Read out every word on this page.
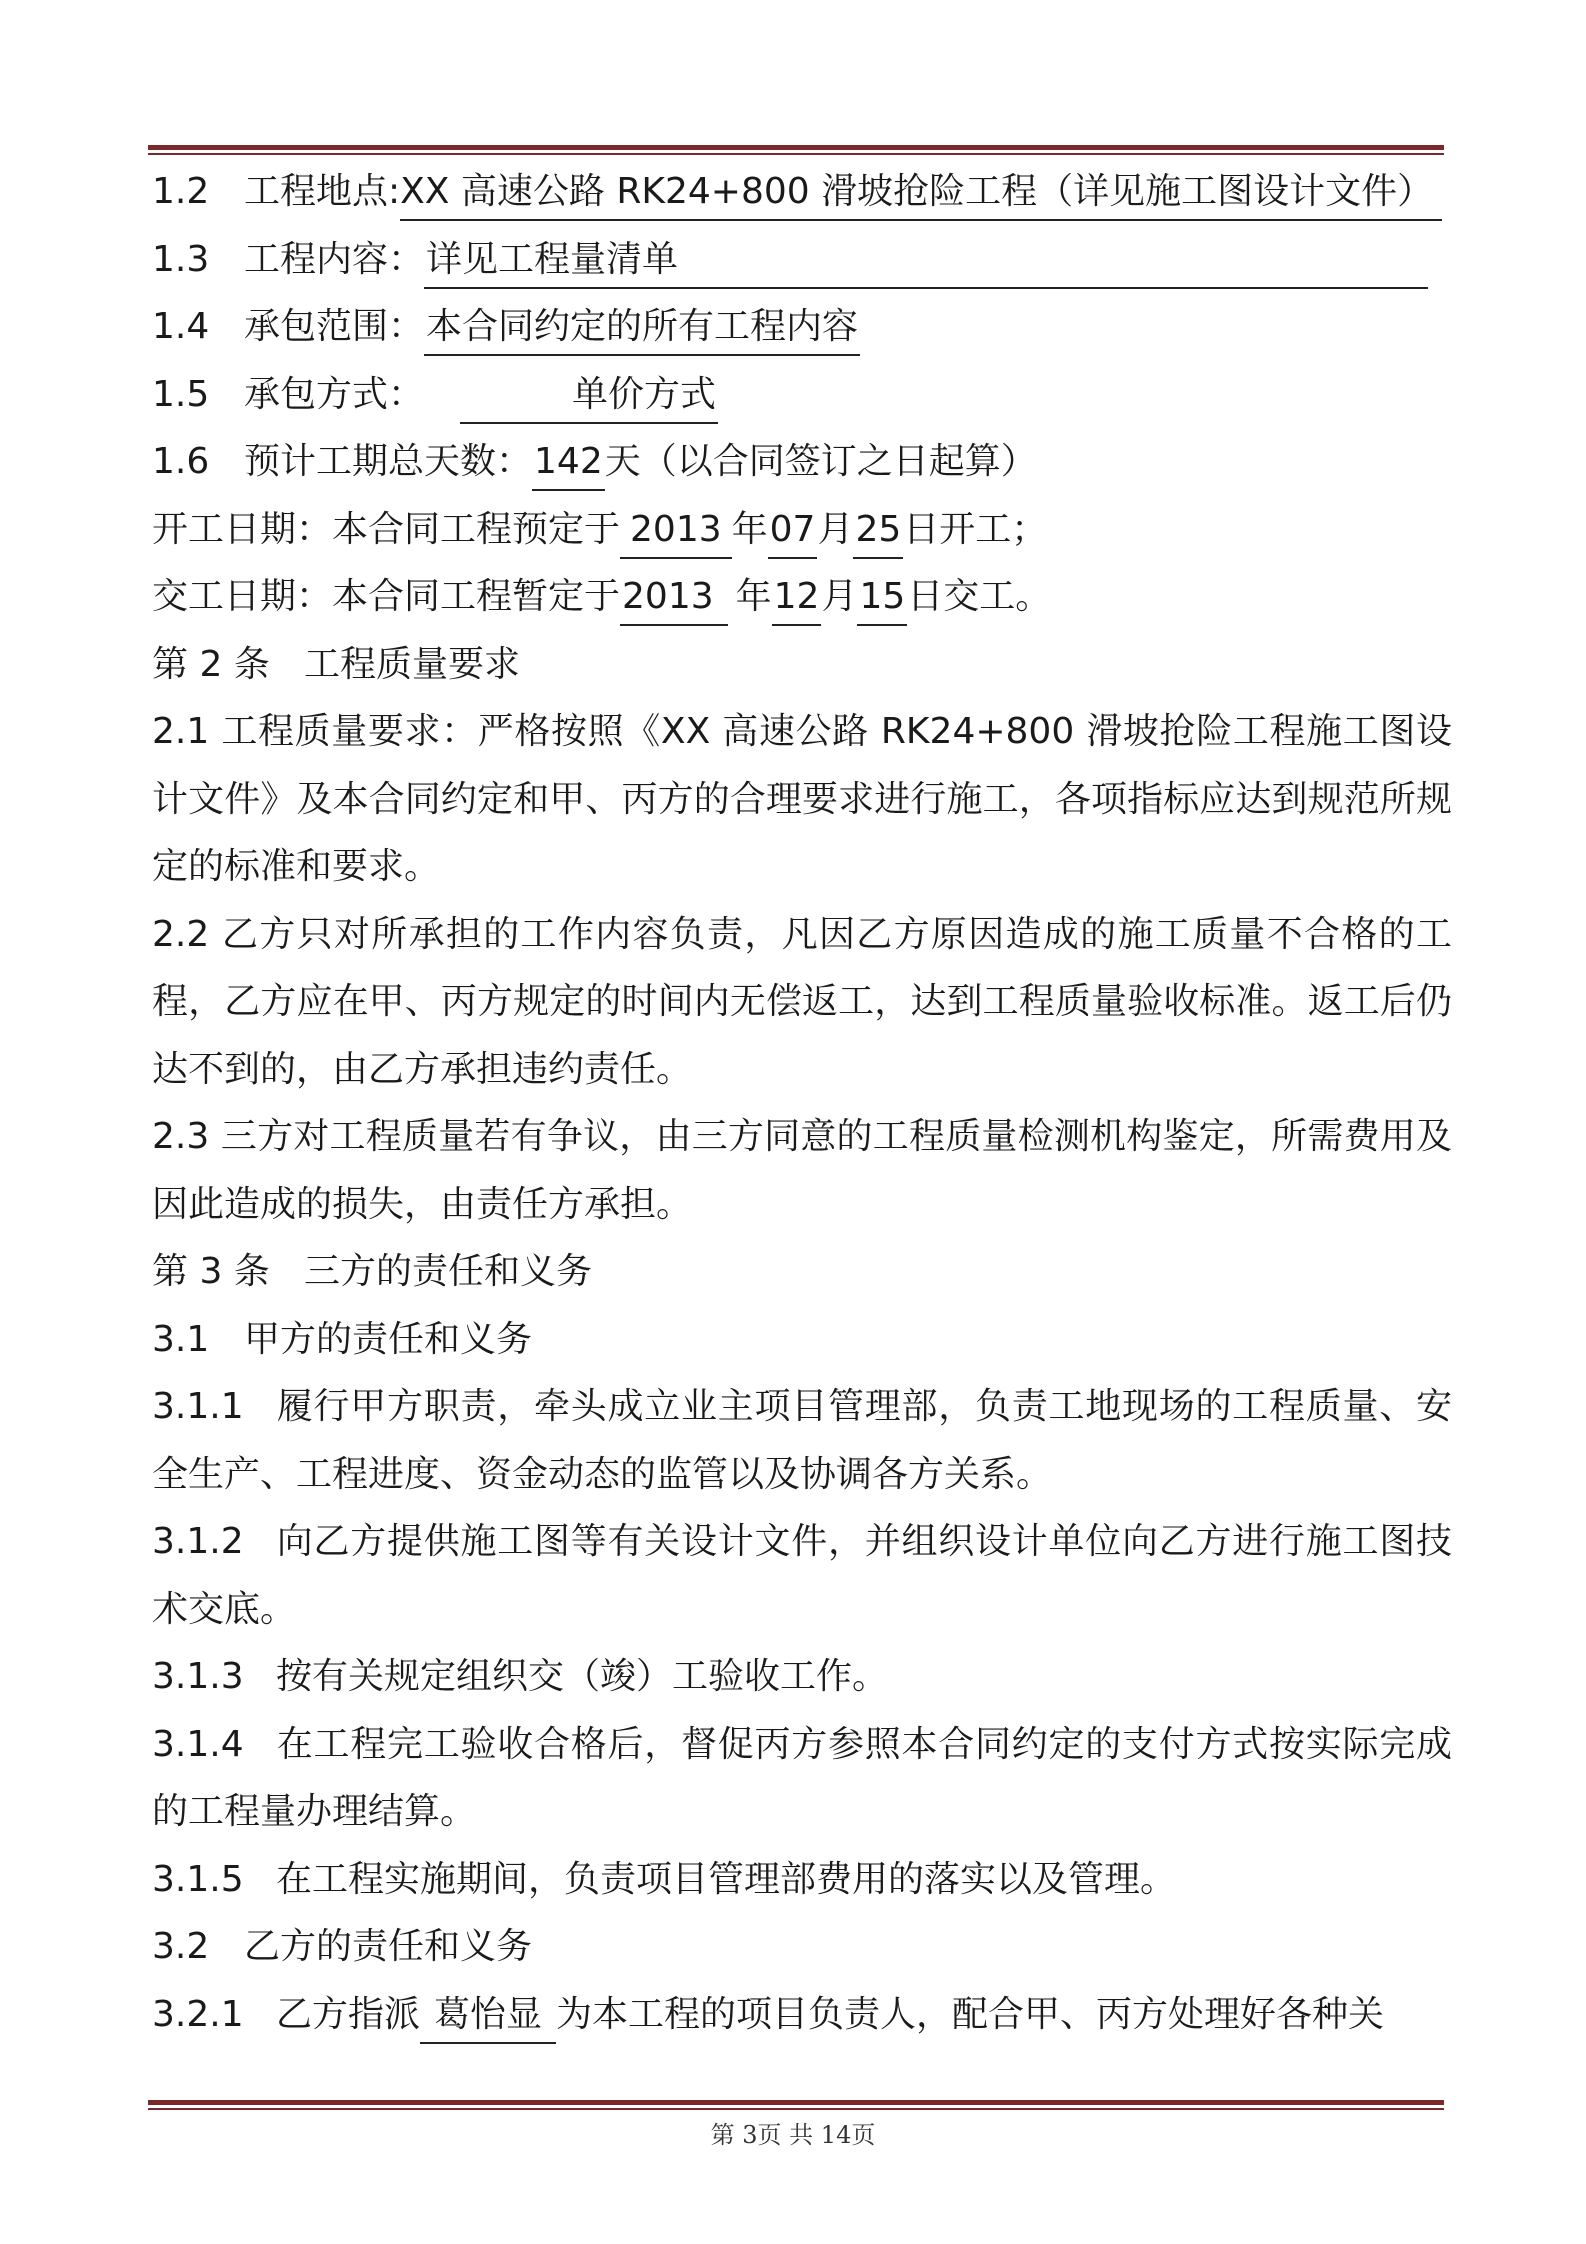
1.2 工程地点:XX 高速公路 RK24+800 滑坡抢险工程（详见施工图设计文件）
1.3 工程内容：详见工程量清单
1.4 承包范围：本合同约定的所有工程内容
1.5 承包方式：	单价方式
1.6 预计工期总天数：142天（以合同签订之日起算）
开工日期：本合同工程预定于 2013 年07月25日开工；
交工日期：本合同工程暂定于2013 年12月15日交工。
第 2 条 工程质量要求
2.1 工程质量要求：严格按照《XX 高速公路 RK24+800 滑坡抢险工程施工图设计文件》及本合同约定和甲、丙方的合理要求进行施工，各项指标应达到规范所规定的标准和要求。
2.2 乙方只对所承担的工作内容负责，凡因乙方原因造成的施工质量不合格的工程，乙方应在甲、丙方规定的时间内无偿返工，达到工程质量验收标准。返工后仍达不到的，由乙方承担违约责任。
2.3 三方对工程质量若有争议，由三方同意的工程质量检测机构鉴定，所需费用及因此造成的损失，由责任方承担。
第 3 条 三方的责任和义务
3.1 甲方的责任和义务
3.1.1 履行甲方职责，牵头成立业主项目管理部，负责工地现场的工程质量、安全生产、工程进度、资金动态的监管以及协调各方关系。
3.1.2 向乙方提供施工图等有关设计文件，并组织设计单位向乙方进行施工图技术交底。
3.1.3 按有关规定组织交（竣）工验收工作。
3.1.4 在工程完工验收合格后，督促丙方参照本合同约定的支付方式按实际完成的工程量办理结算。
3.1.5 在工程实施期间，负责项目管理部费用的落实以及管理。
3.2 乙方的责任和义务
3.2.1 乙方指派 葛怡显 为本工程的项目负责人，配合甲、丙方处理好各种关
第 3页 共 14页
